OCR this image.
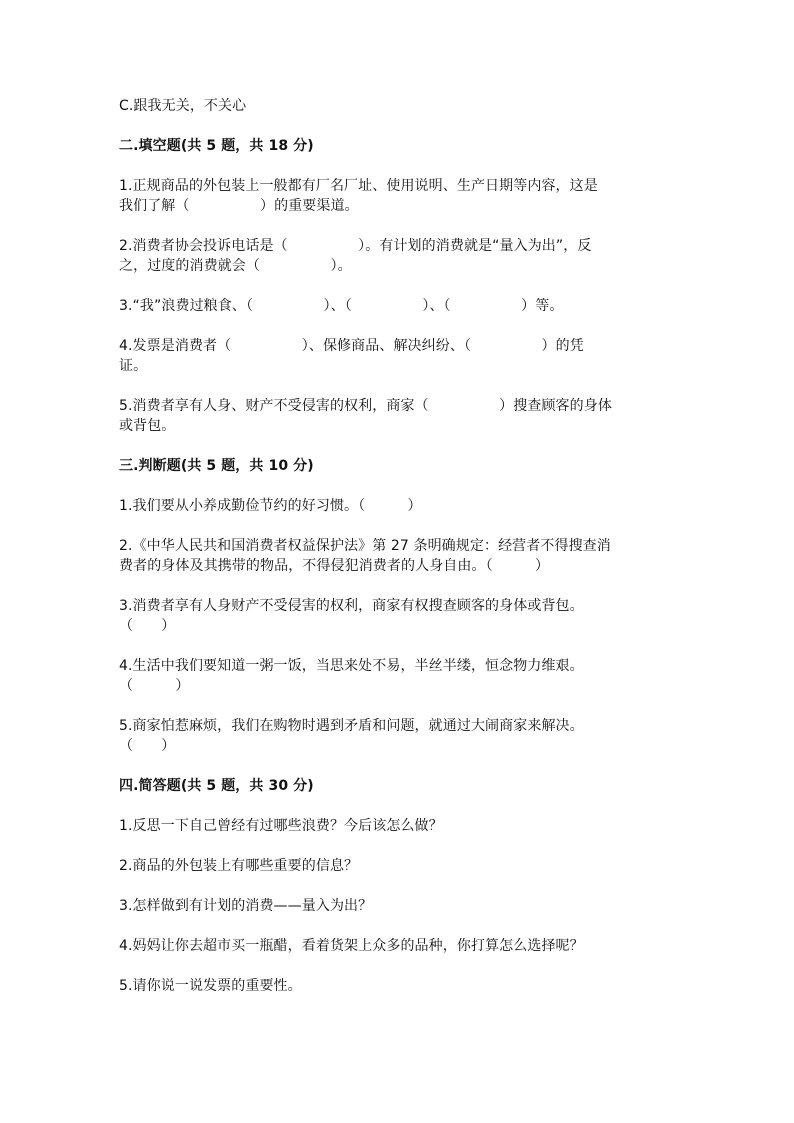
C.跟我无关，不关心
二.填空题(共 5 题，共 18 分)
1.正规商品的外包装上一般都有厂名厂址、使用说明、生产日期等内容，这是
我们了解（　　　　　）的重要渠道。
2.消费者协会投诉电话是（　　　　　）。有计划的消费就是“量入为出”，反
之，过度的消费就会（　　　　　）。
3.“我”浪费过粮食、（　　　　　）、（　　　　　）、（　　　　　）等。
4.发票是消费者（　　　　　）、保修商品、解决纠纷、（　　　　　）的凭
证。
5.消费者享有人身、财产不受侵害的权利，商家（　　　　　）搜查顾客的身体
或背包。
三.判断题(共 5 题，共 10 分)
1.我们要从小养成勤俭节约的好习惯。（　　　）
2.《中华人民共和国消费者权益保护法》第 27 条明确规定：经营者不得搜查消
费者的身体及其携带的物品，不得侵犯消费者的人身自由。（　　　）
3.消费者享有人身财产不受侵害的权利，商家有权搜查顾客的身体或背包。
（　　）
4.生活中我们要知道一粥一饭，当思来处不易，半丝半缕，恒念物力维艰。
（　　　）
5.商家怕惹麻烦，我们在购物时遇到矛盾和问题，就通过大闹商家来解决。
（　　）
四.简答题(共 5 题，共 30 分)
1.反思一下自己曾经有过哪些浪费？今后该怎么做？
2.商品的外包装上有哪些重要的信息？
3.怎样做到有计划的消费——量入为出？
4.妈妈让你去超市买一瓶醋，看着货架上众多的品种，你打算怎么选择呢？
5.请你说一说发票的重要性。
